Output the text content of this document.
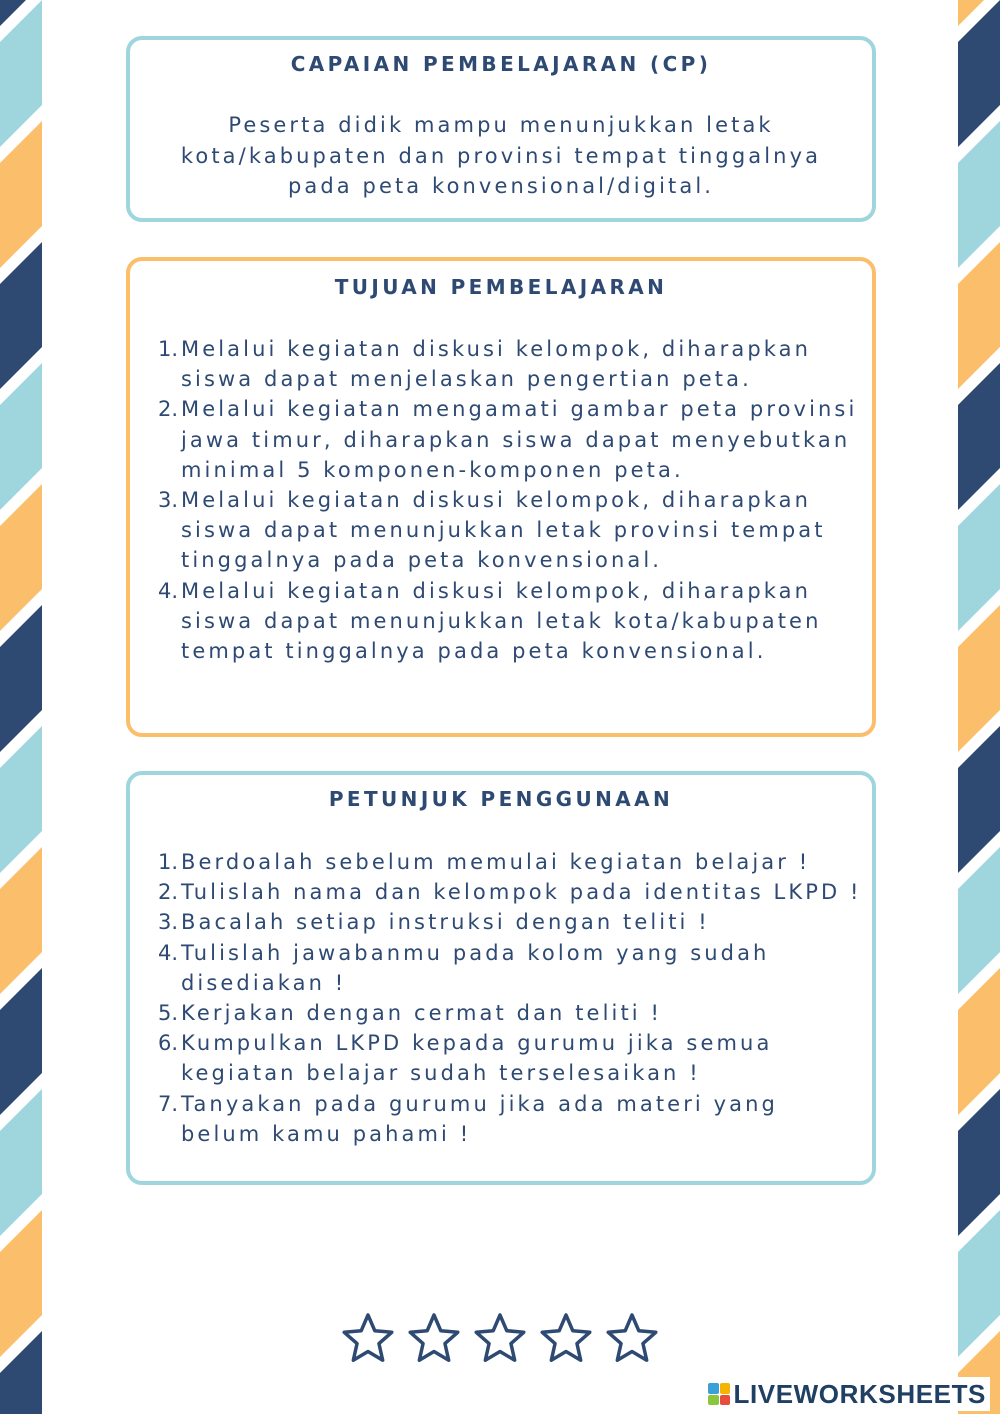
CAPAIAN PEMBELAJARAN (CP)

Peserta didik mampu menunjukkan letak kota/kabupaten dan provinsi tempat tinggalnya pada peta konvensional/digital.

TUJUAN PEMBELAJARAN
1. Melalui kegiatan diskusi kelompok, diharapkan siswa dapat menjelaskan pengertian peta.
2. Melalui kegiatan mengamati gambar peta provinsi jawa timur, diharapkan siswa dapat menyebutkan minimal 5 komponen-komponen peta.
3. Melalui kegiatan diskusi kelompok, diharapkan siswa dapat menunjukkan letak provinsi tempat tinggalnya pada peta konvensional.
4. Melalui kegiatan diskusi kelompok, diharapkan siswa dapat menunjukkan letak kota/kabupaten tempat tinggalnya pada peta konvensional.
PETUNJUK PENGGUNAAN
1. Berdoalah sebelum memulai kegiatan belajar !
2. Tulislah nama dan kelompok pada identitas LKPD !
3. Bacalah setiap instruksi dengan teliti !
4. Tulislah jawabanmu pada kolom yang sudah disediakan !
5. Kerjakan dengan cermat dan teliti !
6. Kumpulkan LKPD kepada gurumu jika semua kegiatan belajar sudah terselesaikan !
7. Tanyakan pada gurumu jika ada materi yang belum kamu pahami !
LIVEWORKSHEETS
